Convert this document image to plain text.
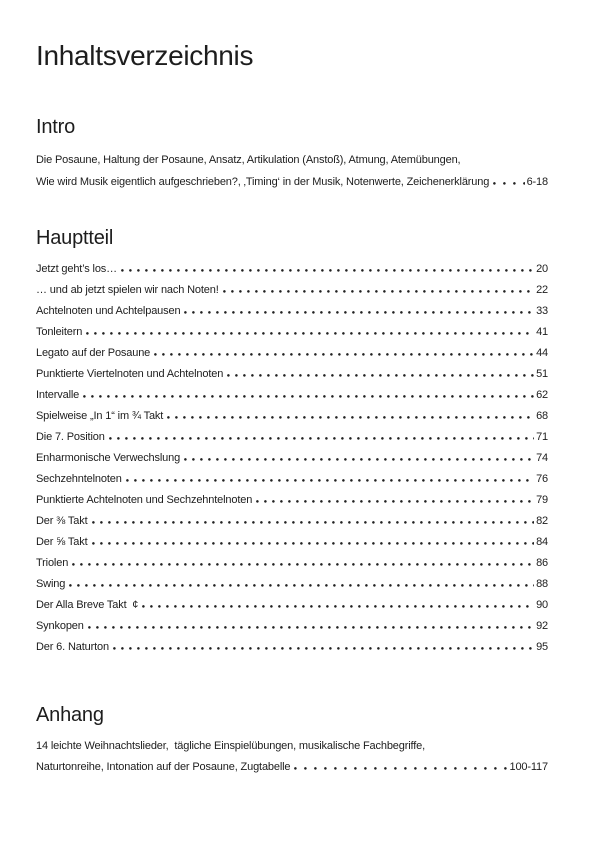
Inhaltsverzeichnis
Intro
Die Posaune, Haltung der Posaune, Ansatz, Artikulation (Anstoß), Atmung, Atemübungen,
Wie wird Musik eigentlich aufgeschrieben?, ‚Timing‘ in der Musik, Notenwerte, Zeichenerklärung	6-18
Hauptteil
Jetzt geht’s los…	20
… und ab jetzt spielen wir nach Noten!	22
Achtelnoten und Achtelpausen	33
Tonleitern	41
Legato auf der Posaune	44
Punktierte Viertelnoten und Achtelnoten	51
Intervalle	62
Spielweise „In 1“ im ¾ Takt	68
Die 7. Position	71
Enharmonische Verwechslung	74
Sechzehntelnoten	76
Punktierte Achtelnoten und Sechzehntelnoten	79
Der ⅜ Takt	82
Der ⅝ Takt	84
Triolen	86
Swing	88
Der Alla Breve Takt  ¢	90
Synkopen	92
Der 6. Naturton	95
Anhang
14 leichte Weihnachtslieder,  tägliche Einspielübungen, musikalische Fachbegriffe,
Naturtonreihe, Intonation auf der Posaune, Zugtabelle	100-117
